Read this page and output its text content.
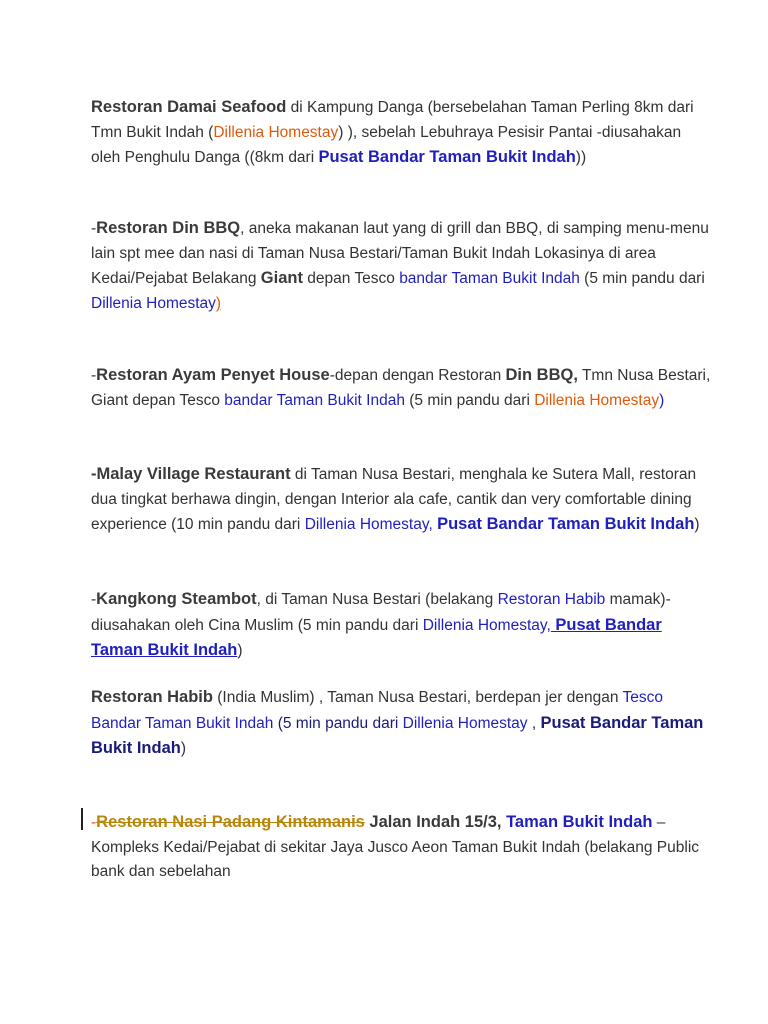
Restoran Damai Seafood di Kampung Danga (bersebelahan Taman Perling 8km dari Tmn Bukit Indah (Dillenia Homestay) ), sebelah Lebuhraya Pesisir Pantai -diusahakan oleh Penghulu Danga ((8km dari Pusat Bandar Taman Bukit Indah))
-Restoran Din BBQ, aneka makanan laut yang di grill dan BBQ, di samping menu-menu lain spt mee dan nasi di Taman Nusa Bestari/Taman Bukit Indah Lokasinya di area Kedai/Pejabat Belakang Giant depan Tesco bandar Taman Bukit Indah (5 min pandu dari Dillenia Homestay)
-Restoran Ayam Penyet House-depan dengan Restoran Din BBQ, Tmn Nusa Bestari, Giant depan Tesco bandar Taman Bukit Indah (5 min pandu dari Dillenia Homestay)
-Malay Village Restaurant di Taman Nusa Bestari, menghala ke Sutera Mall, restoran dua tingkat berhawa dingin, dengan Interior ala cafe, cantik dan very comfortable dining experience (10 min pandu dari Dillenia Homestay, Pusat Bandar Taman Bukit Indah)
-Kangkong Steambot, di Taman Nusa Bestari (belakang Restoran Habib mamak)-diusahakan oleh Cina Muslim (5 min pandu dari Dillenia Homestay, Pusat Bandar Taman Bukit Indah)
Restoran Habib (India Muslim) , Taman Nusa Bestari, berdepan jer dengan Tesco Bandar Taman Bukit Indah (5 min pandu dari Dillenia Homestay , Pusat Bandar Taman Bukit Indah)
-Restoran Nasi Padang Kintamanis Jalan Indah 15/3, Taman Bukit Indah – Kompleks Kedai/Pejabat di sekitar Jaya Jusco Aeon Taman Bukit Indah (belakang Public bank dan sebelahan
